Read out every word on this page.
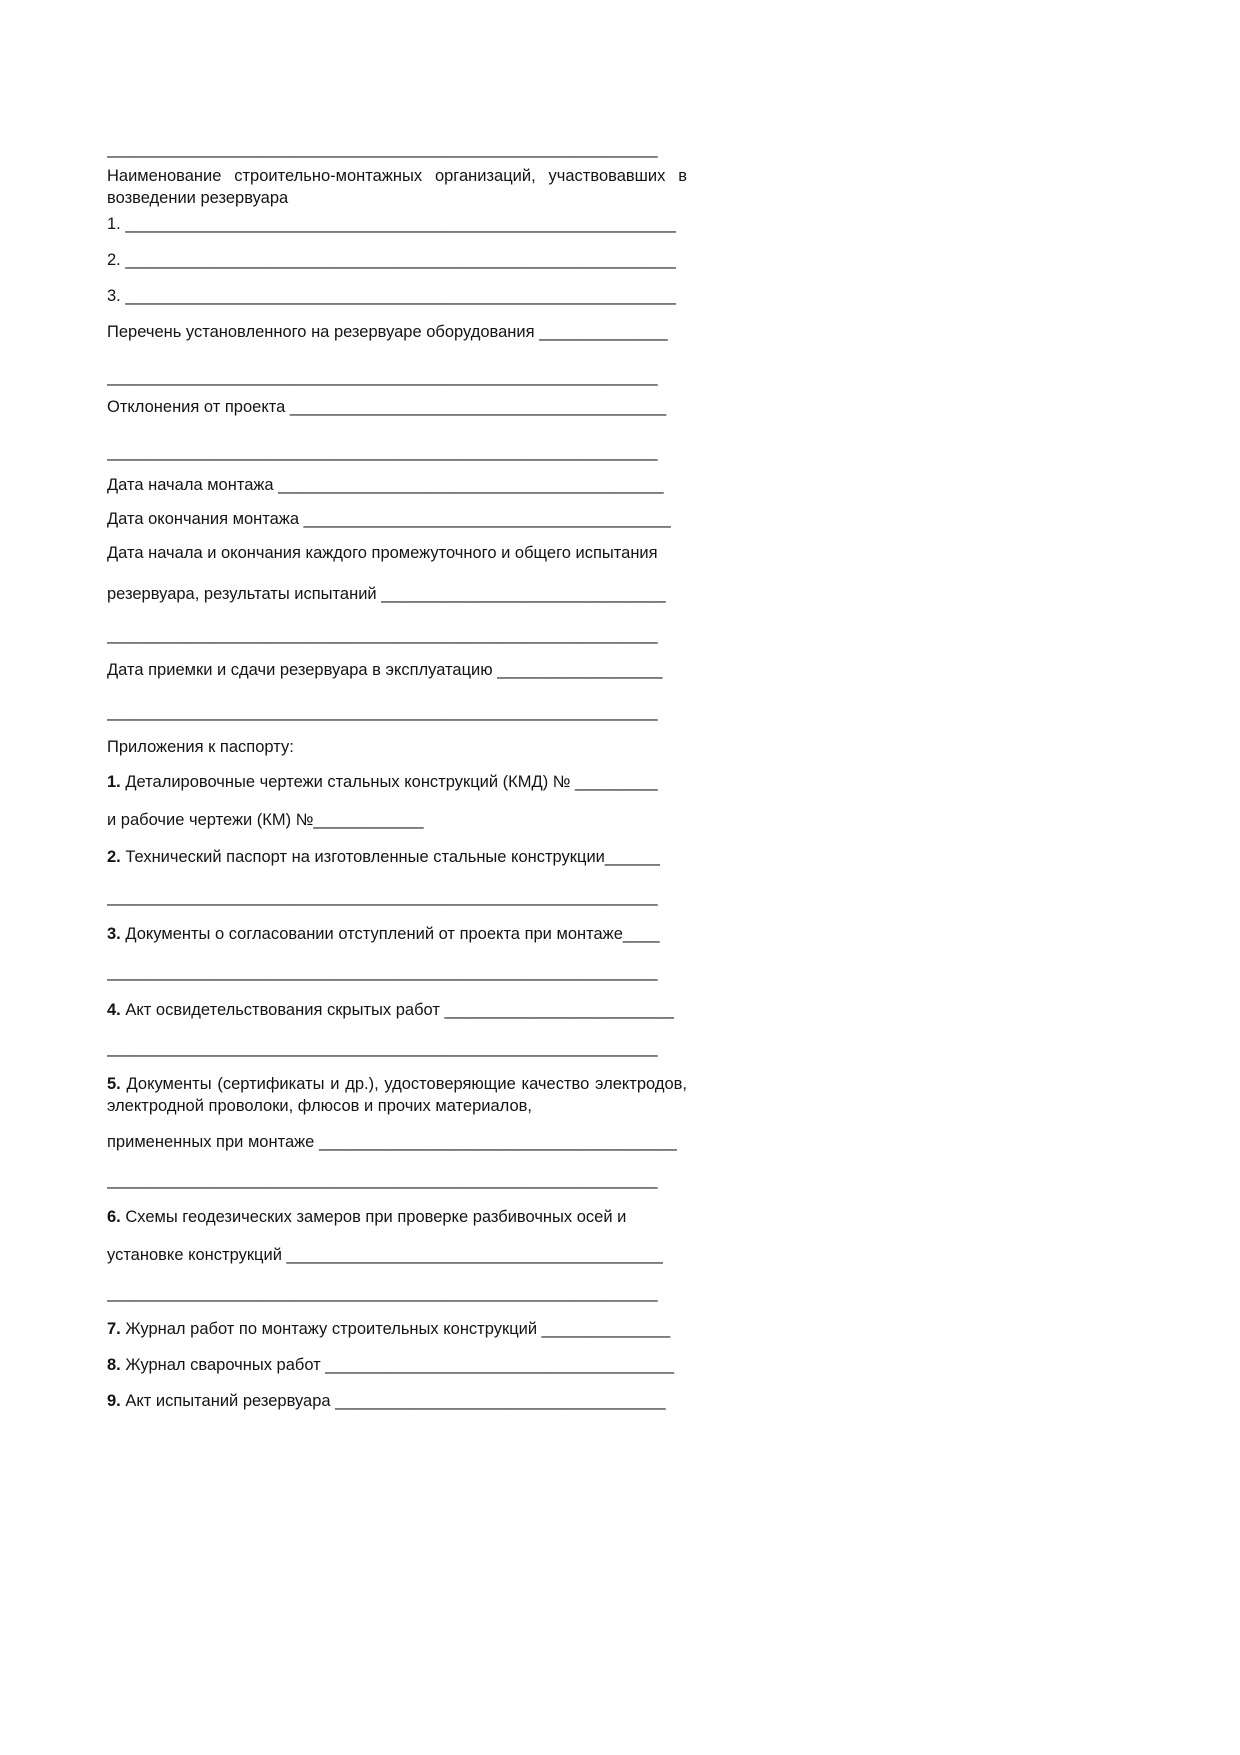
____________________________________________________________
Наименование строительно-монтажных организаций, участвовавших в возведении резервуара
1. ____________________________________________________________
2. ____________________________________________________________
3. ____________________________________________________________
Перечень установленного на резервуаре оборудования ______________
____________________________________________________________
Отклонения от проекта _________________________________________
____________________________________________________________
Дата начала монтажа __________________________________________
Дата окончания монтажа ________________________________________
Дата начала и окончания каждого промежуточного и общего испытания
резервуара, результаты испытаний _______________________________
____________________________________________________________
Дата приемки и сдачи резервуара в эксплуатацию __________________
____________________________________________________________
Приложения к паспорту:
1. Деталировочные чертежи стальных конструкций (КМД) № _________
и рабочие чертежи (КМ) №____________
2. Технический паспорт на изготовленные стальные конструкции______
____________________________________________________________
3. Документы о согласовании отступлений от проекта при монтаже____
____________________________________________________________
4. Акт освидетельствования скрытых работ _________________________
____________________________________________________________
5. Документы (сертификаты и др.), удостоверяющие качество электродов, электродной проволоки, флюсов и прочих материалов,
примененных при монтаже _______________________________________
____________________________________________________________
6. Схемы геодезических замеров при проверке разбивочных осей и
установке конструкций _________________________________________
____________________________________________________________
7. Журнал работ по монтажу строительных конструкций ______________
8. Журнал сварочных работ ______________________________________
9. Акт испытаний резервуара ____________________________________
